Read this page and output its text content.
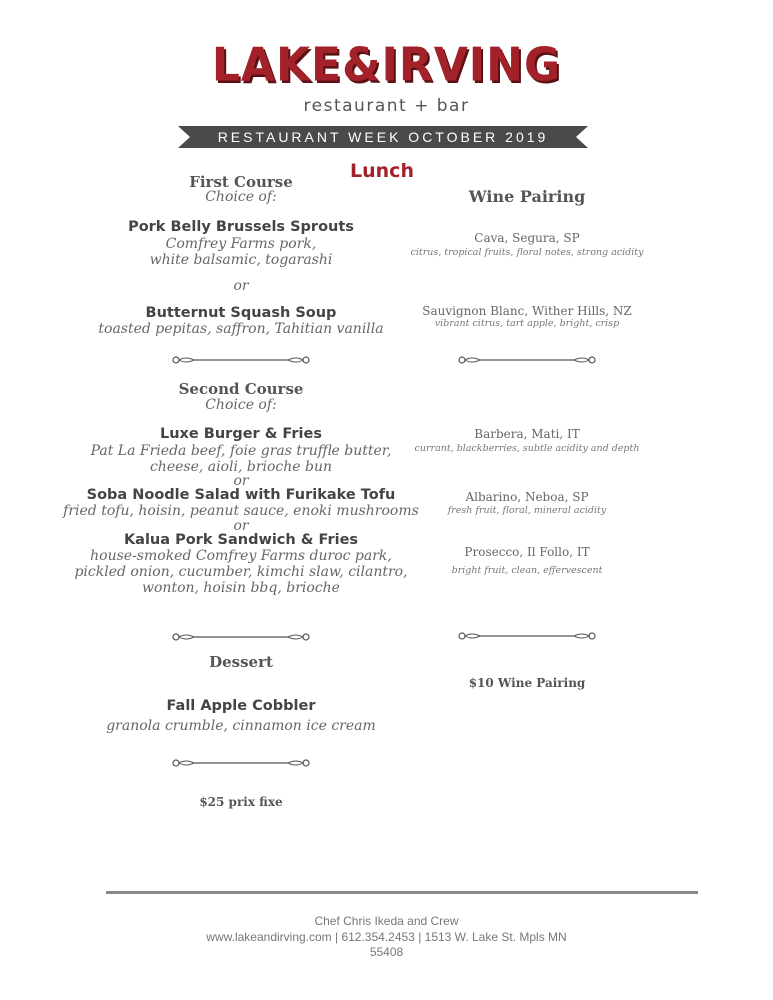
LAKE&IRVING
restaurant + bar
RESTAURANT WEEK OCTOBER 2019
Lunch
First Course
Choice of:
Pork Belly Brussels Sprouts
Comfrey Farms pork,
white balsamic, togarashi
or
Butternut Squash Soup
toasted pepitas, saffron, Tahitian vanilla
Second Course
Choice of:
Luxe Burger & Fries
Pat La Frieda beef, foie gras truffle butter,
cheese, aioli, brioche bun
or
Soba Noodle Salad with Furikake Tofu
fried tofu, hoisin, peanut sauce, enoki mushrooms
or
Kalua Pork Sandwich & Fries
house-smoked Comfrey Farms duroc park,
pickled onion, cucumber, kimchi slaw, cilantro,
wonton, hoisin bbq, brioche
Dessert
Fall Apple Cobbler
granola crumble, cinnamon ice cream
$25 prix fixe
Wine Pairing
Cava, Segura, SP
citrus, tropical fruits, floral notes, strong acidity
Sauvignon Blanc, Wither Hills, NZ
vibrant citrus, tart apple, bright, crisp
Barbera, Mati, IT
currant, blackberries, subtle acidity and depth
Albarino, Neboa, SP
fresh fruit, floral, mineral acidity
Prosecco, Il Follo, IT
bright fruit, clean, effervescent
$10 Wine Pairing
Chef Chris Ikeda and Crew
www.lakeandirving.com | 612.354.2453 | 1513 W. Lake St. Mpls MN
55408
